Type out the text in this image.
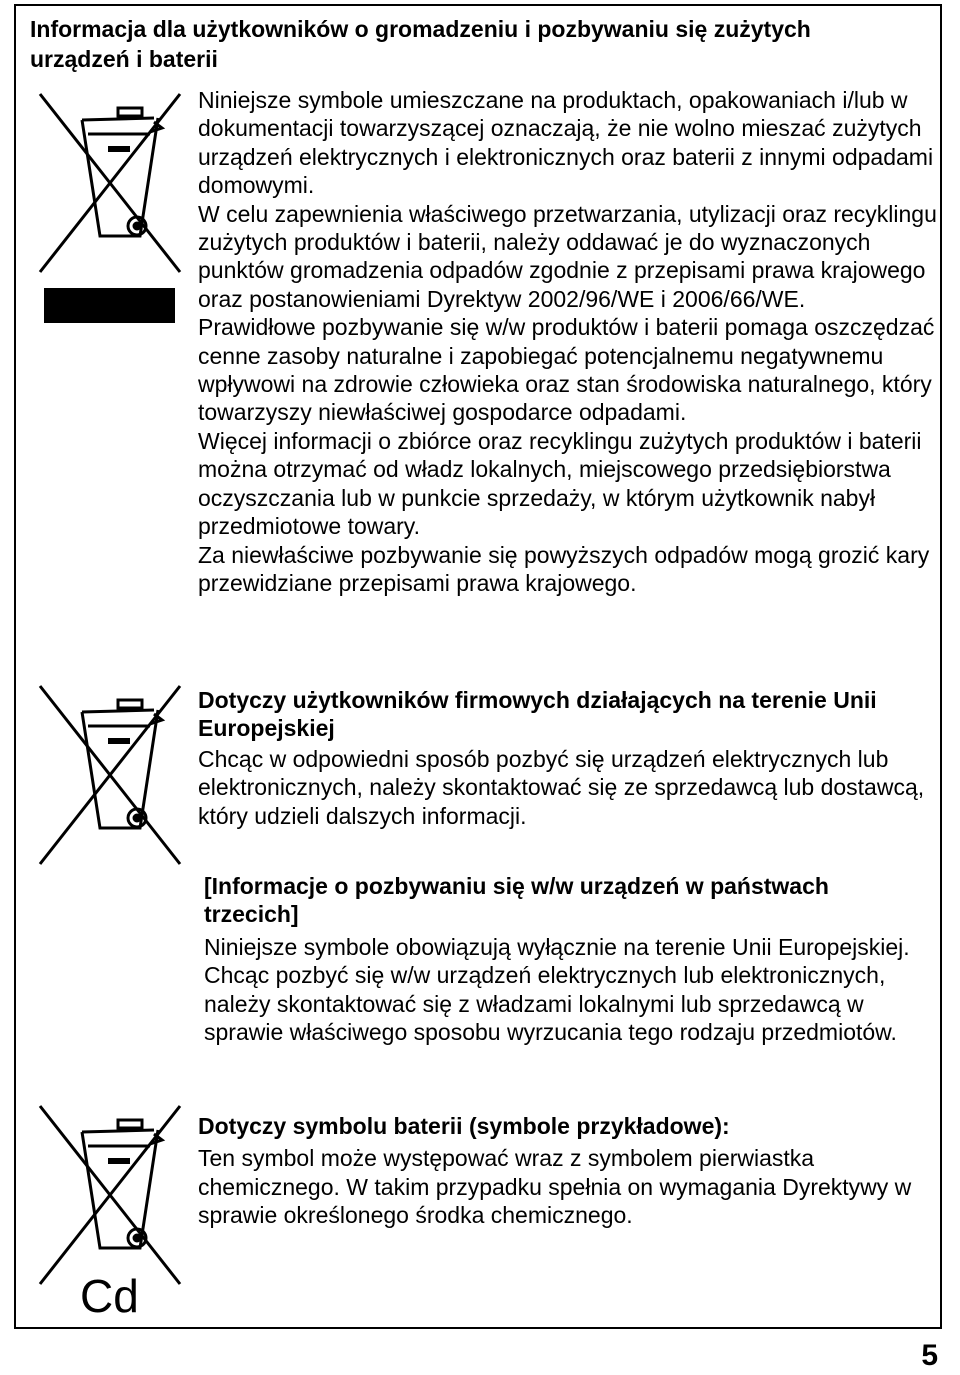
Informacja dla użytkowników o gromadzeniu i pozbywaniu się zużytych urządzeń i baterii
Cd

Niniejsze symbole umieszczane na produktach, opakowaniach i/lub w dokumentacji towarzyszącej oznaczają, że nie wolno mieszać zużytych urządzeń elektrycznych i elektronicznych oraz baterii z innymi odpadami domowymi.

W celu zapewnienia właściwego przetwarzania, utylizacji oraz recyklingu zużytych produktów i baterii, należy oddawać je do wyznaczonych punktów gromadzenia odpadów zgodnie z przepisami prawa krajowego oraz postanowieniami Dyrektyw 2002/96/WE i 2006/66/WE.

Prawidłowe pozbywanie się w/w produktów i baterii pomaga oszczędzać cenne zasoby naturalne i zapobiegać potencjalnemu negatywnemu wpływowi na zdrowie człowieka oraz stan środowiska naturalnego, który towarzyszy niewłaściwej gospodarce odpadami.

Więcej informacji o zbiórce oraz recyklingu zużytych produktów i baterii można otrzymać od władz lokalnych, miejscowego przedsiębiorstwa oczyszczania lub w punkcie sprzedaży, w którym użytkownik nabył przedmiotowe towary.

Za niewłaściwe pozbywanie się powyższych odpadów mogą grozić kary przewidziane przepisami prawa krajowego.

Dotyczy użytkowników firmowych działających na terenie Unii Europejskiej

Chcąc w odpowiedni sposób pozbyć się urządzeń elektrycznych lub elektronicznych, należy skontaktować się ze sprzedawcą lub dostawcą, który udzieli dalszych informacji.

[Informacje o pozbywaniu się w/w urządzeń w państwach trzecich]

Niniejsze symbole obowiązują wyłącznie na terenie Unii Europejskiej. Chcąc pozbyć się w/w urządzeń elektrycznych lub elektronicznych, należy skontaktować się z władzami lokalnymi lub sprzedawcą w sprawie właściwego sposobu wyrzucania tego rodzaju przedmiotów.

Dotyczy symbolu baterii (symbole przykładowe):

Ten symbol może występować wraz z symbolem pierwiastka chemicznego. W takim przypadku spełnia on wymagania Dyrektywy w sprawie określonego środka chemicznego.

5
